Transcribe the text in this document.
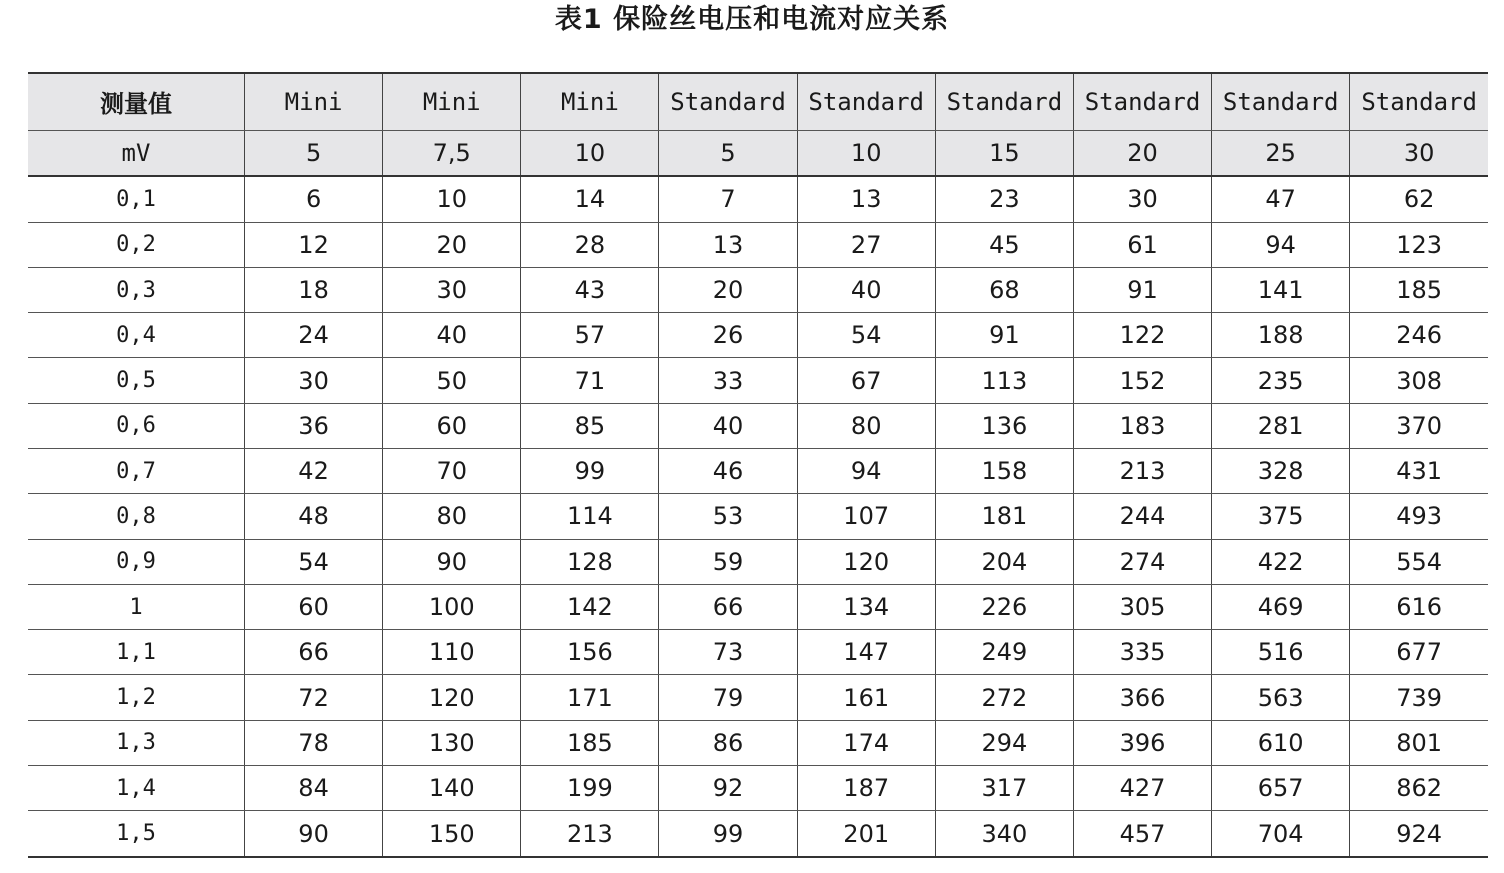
表1 保险丝电压和电流对应关系
测量值	Mini	Mini	Mini	Standard	Standard	Standard	Standard	Standard	Standard
mV	5	7,5	10	5	10	15	20	25	30
0,1	6	10	14	7	13	23	30	47	62
0,2	12	20	28	13	27	45	61	94	123
0,3	18	30	43	20	40	68	91	141	185
0,4	24	40	57	26	54	91	122	188	246
0,5	30	50	71	33	67	113	152	235	308
0,6	36	60	85	40	80	136	183	281	370
0,7	42	70	99	46	94	158	213	328	431
0,8	48	80	114	53	107	181	244	375	493
0,9	54	90	128	59	120	204	274	422	554
1	60	100	142	66	134	226	305	469	616
1,1	66	110	156	73	147	249	335	516	677
1,2	72	120	171	79	161	272	366	563	739
1,3	78	130	185	86	174	294	396	610	801
1,4	84	140	199	92	187	317	427	657	862
1,5	90	150	213	99	201	340	457	704	924
